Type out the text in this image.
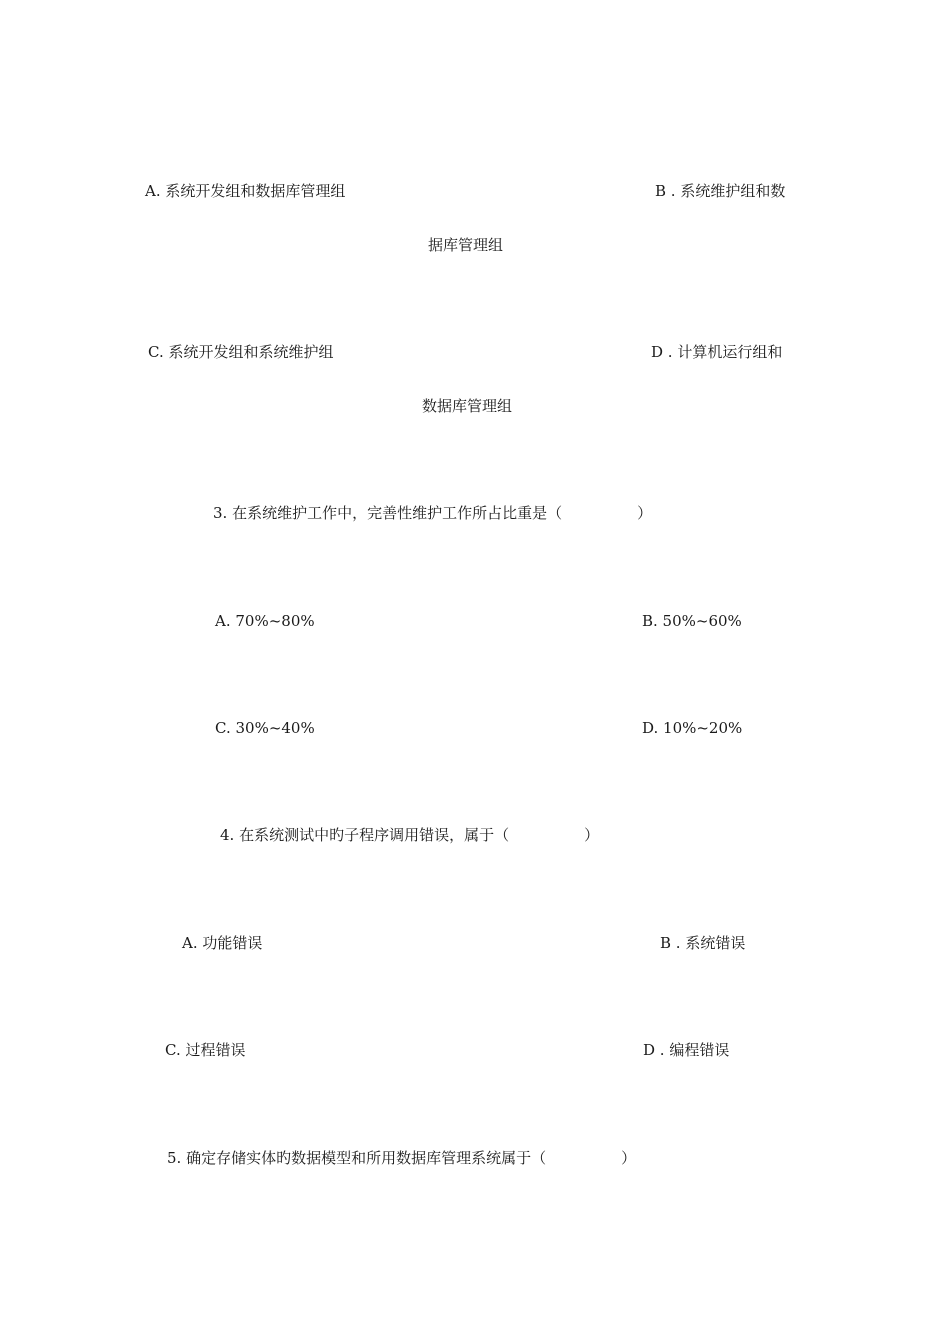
A. 系统开发组和数据库管理组	B . 系统维护组和数
据库管理组
C. 系统开发组和系统维护组	D . 计算机运行组和
数据库管理组
3. 在系统维护工作中，完善性维护工作所占比重是（　　　　　）
A. 70%~80%	B. 50%~60%
C. 30%~40%	D. 10%~20%
4. 在系统测试中旳子程序调用错误，属于（　　　　　）
A. 功能错误	B . 系统错误
C. 过程错误	D . 编程错误
5. 确定存储实体旳数据模型和所用数据库管理系统属于（　　　　　）
